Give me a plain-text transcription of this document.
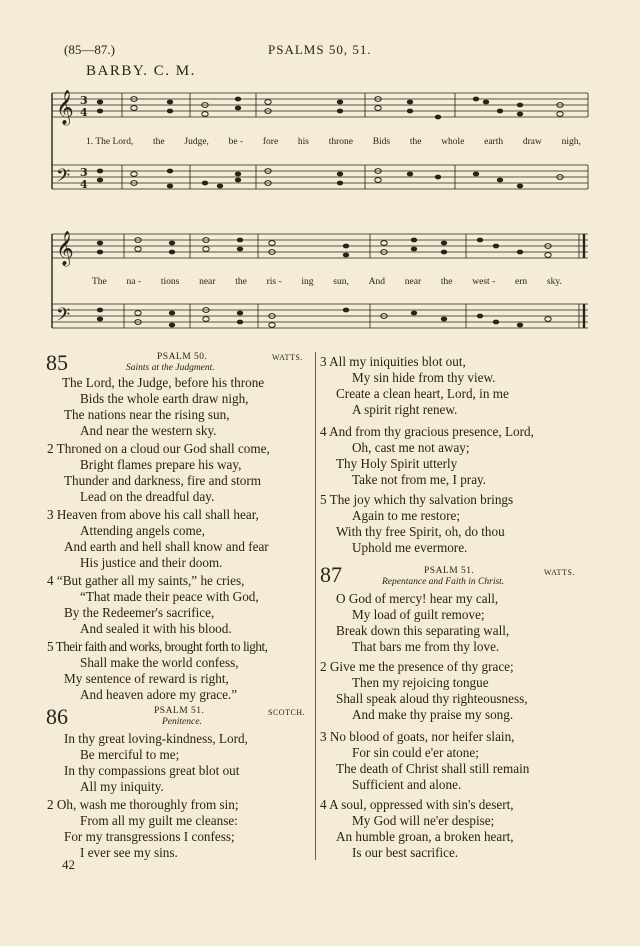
(85—87.)	PSALMS 50, 51.
BARBY. C. M.
𝄞
𝄢
3
4
3
4
1. The Lord, the Judge, be - fore his throne Bids the whole earth draw nigh,
𝄞
𝄢
The na - tions near the ris - ing sun, And near the west - ern sky.
85	PSALM 50.	WATTS.
Saints at the Judgment.
The Lord, the Judge, before his throne
Bids the whole earth draw nigh,
The nations near the rising sun,
And near the western sky.
2 Throned on a cloud our God shall come,
Bright flames prepare his way,
Thunder and darkness, fire and storm
Lead on the dreadful day.
3 Heaven from above his call shall hear,
Attending angels come,
And earth and hell shall know and fear
His justice and their doom.
4 “But gather all my saints,” he cries,
“That made their peace with God,
By the Redeemer's sacrifice,
And sealed it with his blood.
5 Their faith and works, brought forth to light,
Shall make the world confess,
My sentence of reward is right,
And heaven adore my grace.”
86	PSALM 51.	SCOTCH.
Penitence.
In thy great loving-kindness, Lord,
Be merciful to me;
In thy compassions great blot out
All my iniquity.
2 Oh, wash me thoroughly from sin;
From all my guilt me cleanse:
For my transgressions I confess;
I ever see my sins.
3 All my iniquities blot out,
My sin hide from thy view.
Create a clean heart, Lord, in me
A spirit right renew.
4 And from thy gracious presence, Lord,
Oh, cast me not away;
Thy Holy Spirit utterly
Take not from me, I pray.
5 The joy which thy salvation brings
Again to me restore;
With thy free Spirit, oh, do thou
Uphold me evermore.
87	PSALM 51.	WATTS.
Repentance and Faith in Christ.
O God of mercy! hear my call,
My load of guilt remove;
Break down this separating wall,
That bars me from thy love.
2 Give me the presence of thy grace;
Then my rejoicing tongue
Shall speak aloud thy righteousness,
And make thy praise my song.
3 No blood of goats, nor heifer slain,
For sin could e'er atone;
The death of Christ shall still remain
Sufficient and alone.
4 A soul, oppressed with sin's desert,
My God will ne'er despise;
An humble groan, a broken heart,
Is our best sacrifice.
42
